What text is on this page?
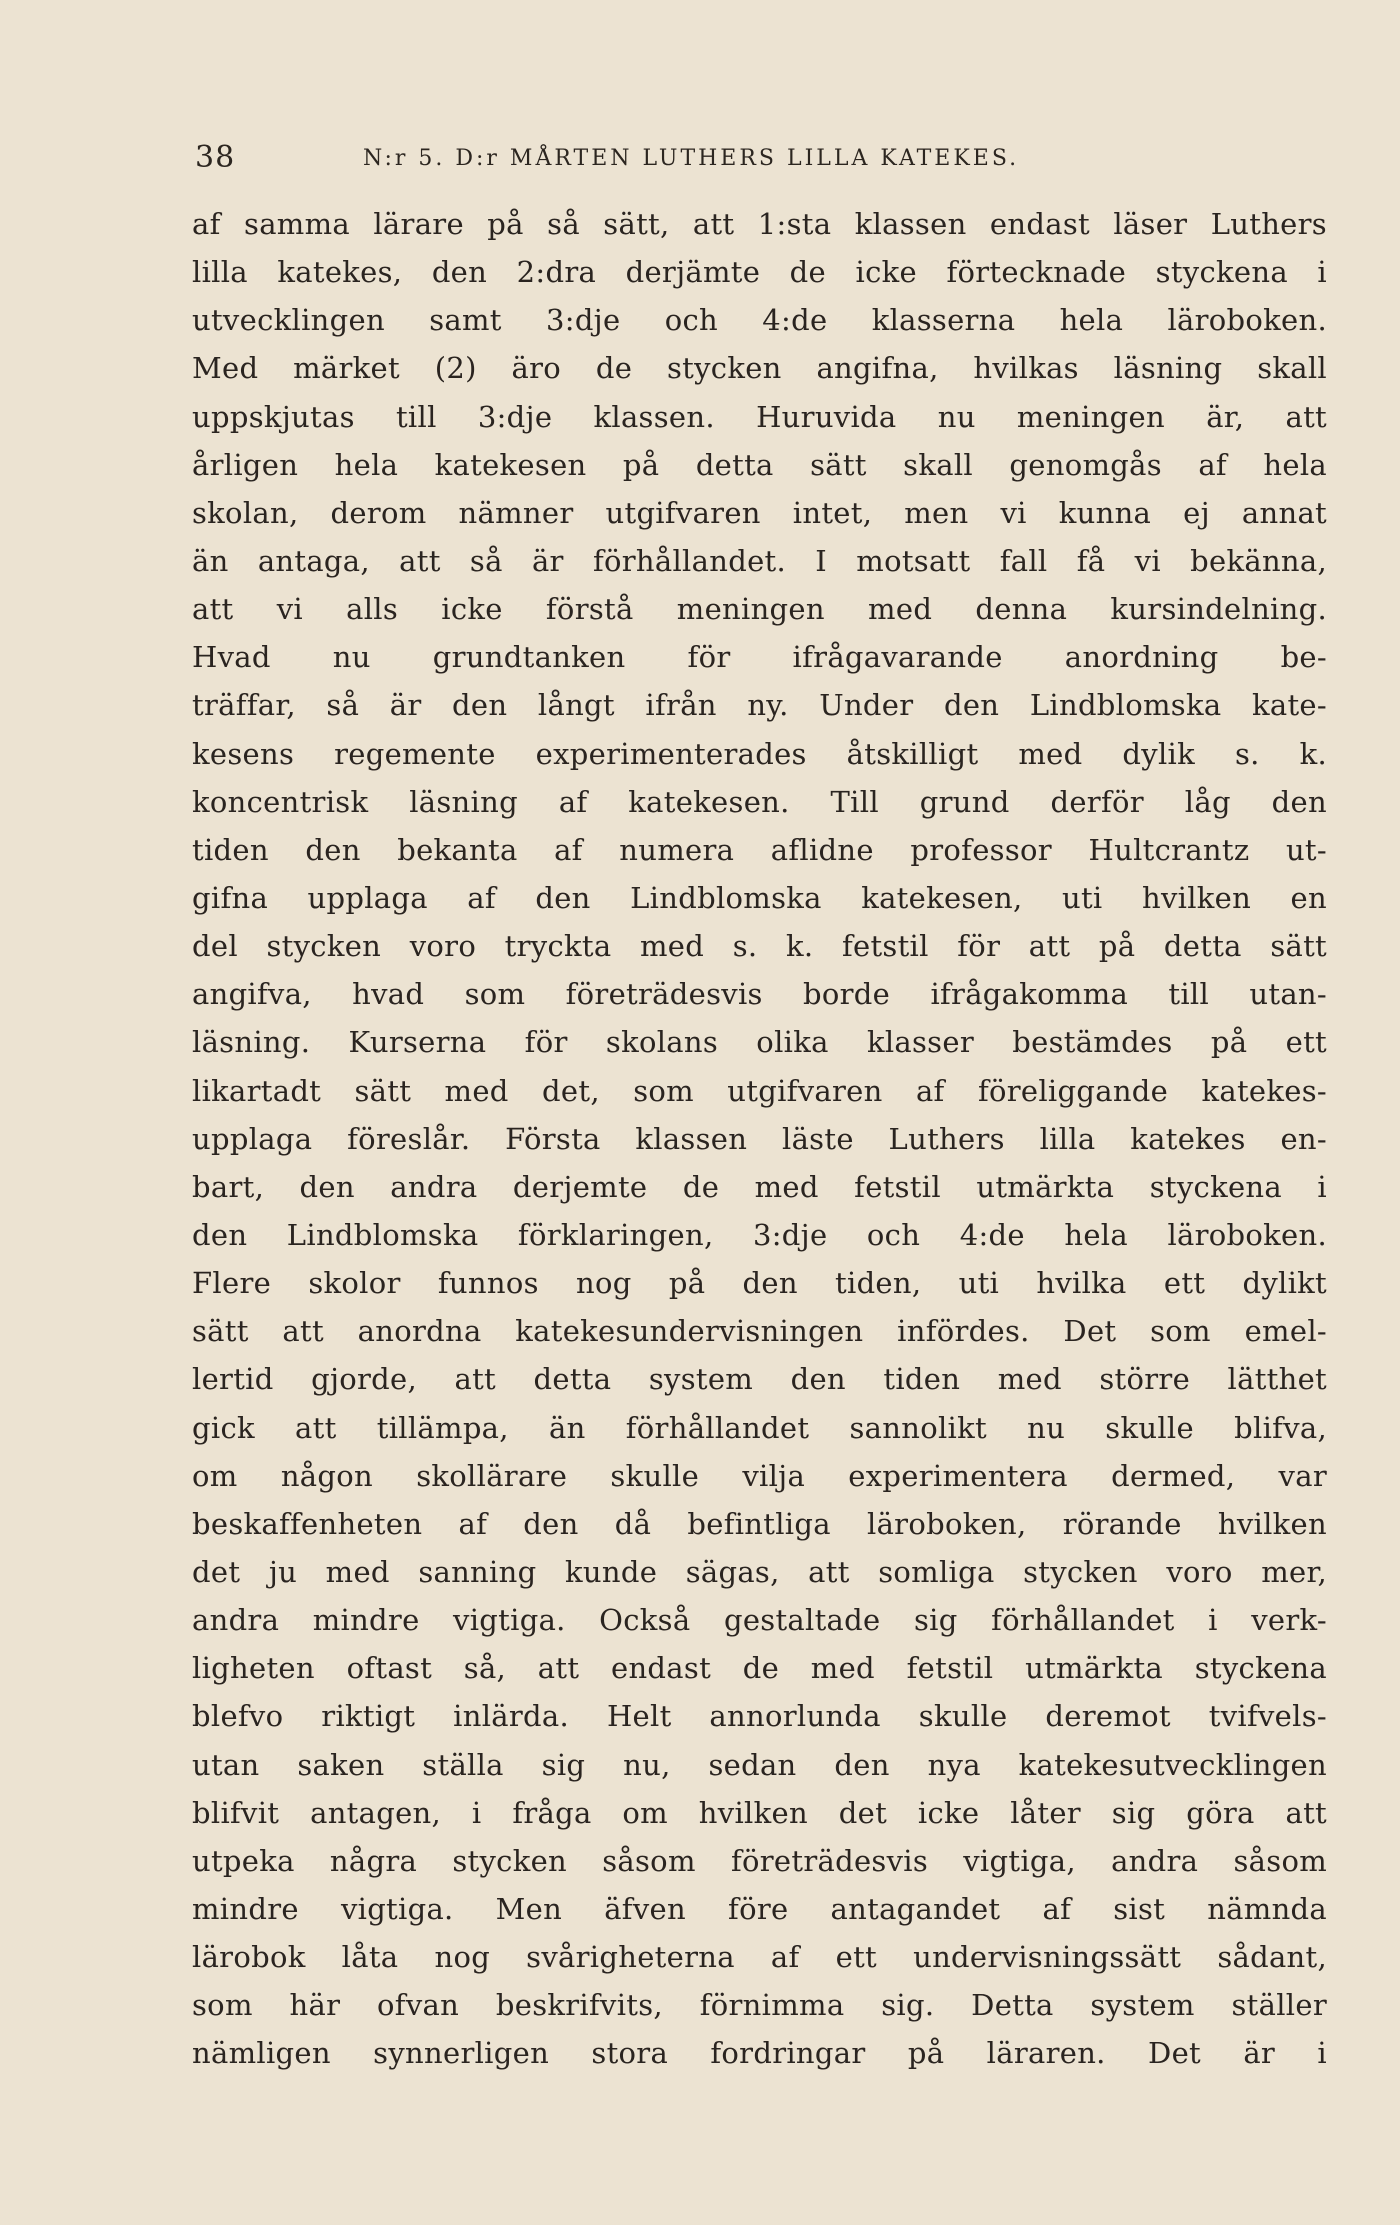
38	N:r 5. D:r MÅRTEN LUTHERS LILLA KATEKES.
af samma lärare på så sätt, att 1:sta klassen endast läser Luthers
lilla katekes, den 2:dra derjämte de icke förtecknade styckena i
utvecklingen samt 3:dje och 4:de klasserna hela läroboken.
Med märket (2) äro de stycken angifna, hvilkas läsning skall
uppskjutas till 3:dje klassen. Huruvida nu meningen är, att
årligen hela katekesen på detta sätt skall genomgås af hela
skolan, derom nämner utgifvaren intet, men vi kunna ej annat
än antaga, att så är förhållandet. I motsatt fall få vi bekänna,
att vi alls icke förstå meningen med denna kursindelning.
Hvad nu grundtanken för ifrågavarande anordning be-
träffar, så är den långt ifrån ny. Under den Lindblomska kate-
kesens regemente experimenterades åtskilligt med dylik s. k.
koncentrisk läsning af katekesen. Till grund derför låg den
tiden den bekanta af numera aflidne professor Hultcrantz ut-
gifna upplaga af den Lindblomska katekesen, uti hvilken en
del stycken voro tryckta med s. k. fetstil för att på detta sätt
angifva, hvad som företrädesvis borde ifrågakomma till utan-
läsning. Kurserna för skolans olika klasser bestämdes på ett
likartadt sätt med det, som utgifvaren af föreliggande katekes-
upplaga föreslår. Första klassen läste Luthers lilla katekes en-
bart, den andra derjemte de med fetstil utmärkta styckena i
den Lindblomska förklaringen, 3:dje och 4:de hela läroboken.
Flere skolor funnos nog på den tiden, uti hvilka ett dylikt
sätt att anordna katekesundervisningen infördes. Det som emel-
lertid gjorde, att detta system den tiden med större lätthet
gick att tillämpa, än förhållandet sannolikt nu skulle blifva,
om någon skollärare skulle vilja experimentera dermed, var
beskaffenheten af den då befintliga läroboken, rörande hvilken
det ju med sanning kunde sägas, att somliga stycken voro mer,
andra mindre vigtiga. Också gestaltade sig förhållandet i verk-
ligheten oftast så, att endast de med fetstil utmärkta styckena
blefvo riktigt inlärda. Helt annorlunda skulle deremot tvifvels-
utan saken ställa sig nu, sedan den nya katekesutvecklingen
blifvit antagen, i fråga om hvilken det icke låter sig göra att
utpeka några stycken såsom företrädesvis vigtiga, andra såsom
mindre vigtiga. Men äfven före antagandet af sist nämnda
lärobok låta nog svårigheterna af ett undervisningssätt sådant,
som här ofvan beskrifvits, förnimma sig. Detta system ställer
nämligen synnerligen stora fordringar på läraren. Det är i
